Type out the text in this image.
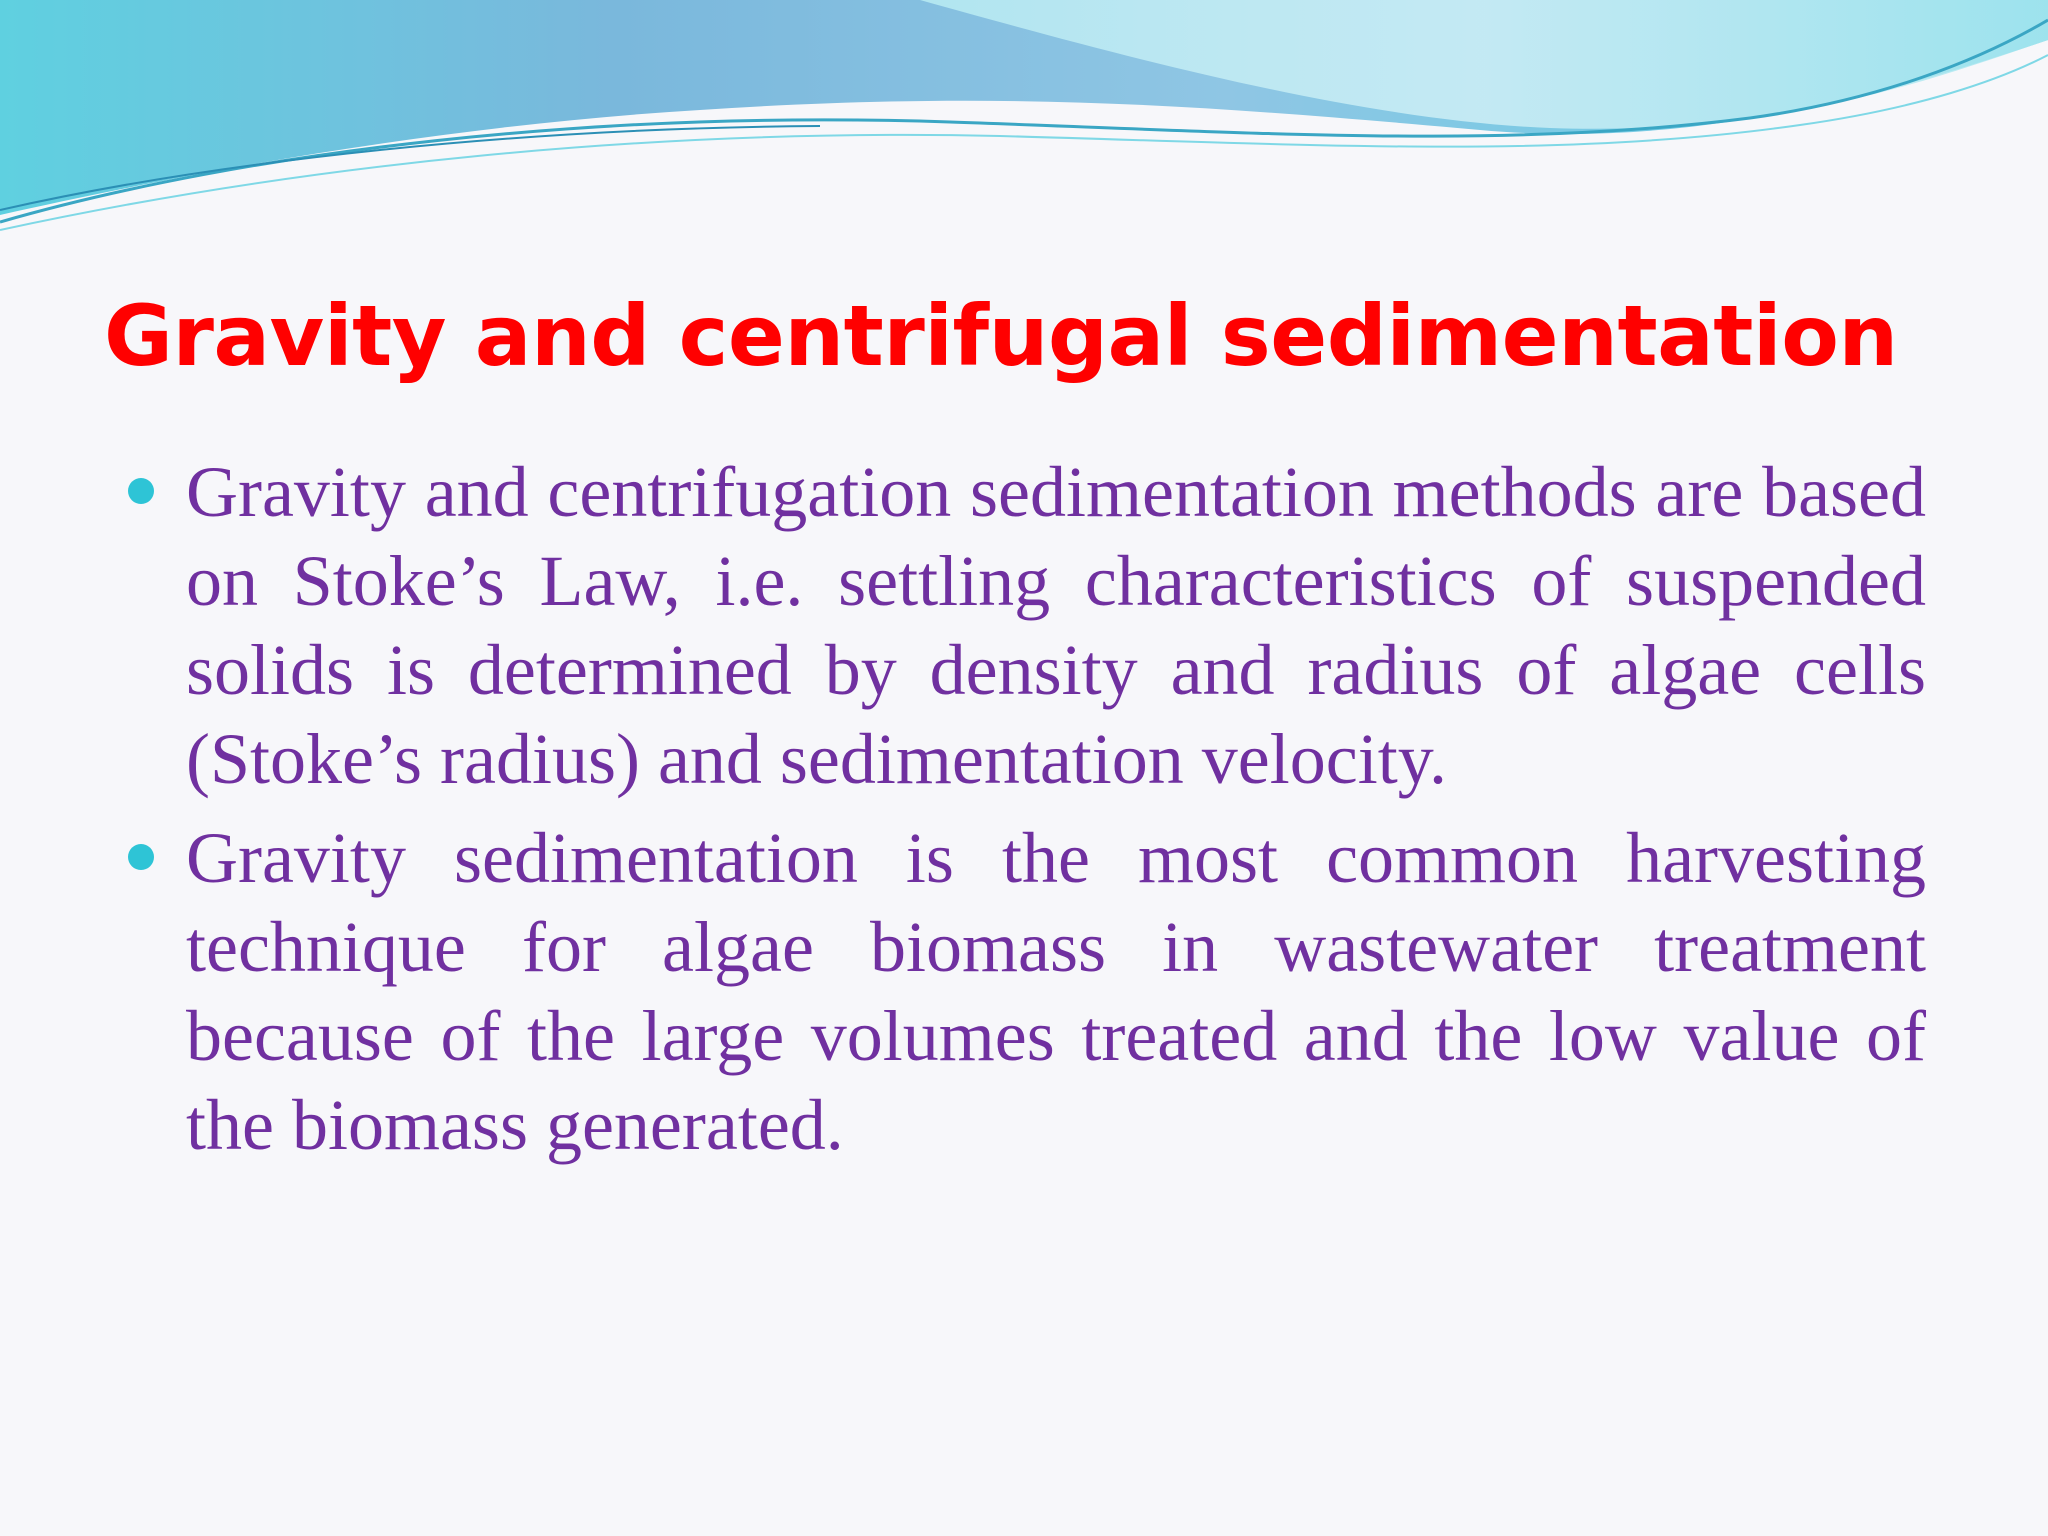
Gravity and centrifugal sedimentation
Gravity and centrifugation sedimentation methods are based on Stoke’s Law, i.e. settling characteristics of suspended solids is determined by density and radius of algae cells (Stoke’s radius) and sedimentation velocity.
Gravity sedimentation is the most common harvesting technique for algae biomass in wastewater treatment because of the large volumes treated and the low value of the biomass generated.
